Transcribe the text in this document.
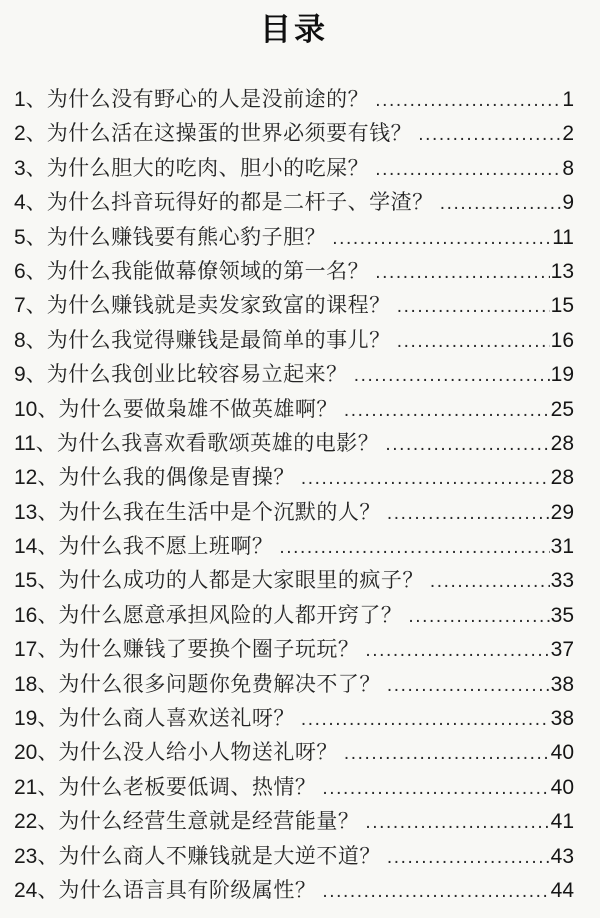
目录
1、 为什么没有野心的人是没前途的？ .....	1
2、 为什么活在这操蛋的世界必须要有钱？ .....	2
3、 为什么胆大的吃肉、胆小的吃屎？ .....	8
4、 为什么抖音玩得好的都是二杆子、学渣？ .....	9
5、 为什么赚钱要有熊心豹子胆？ .....	11
6、 为什么我能做幕僚领域的第一名？ .....	13
7、 为什么赚钱就是卖发家致富的课程？ .....	15
8、 为什么我觉得赚钱是最简单的事儿？ .....	16
9、 为什么我创业比较容易立起来？ .....	19
10、 为什么要做枭雄不做英雄啊？ .....	25
11、 为什么我喜欢看歌颂英雄的电影？ .....	28
12、 为什么我的偶像是曺操？ .....	28
13、 为什么我在生活中是个沉默的人？ .....	29
14、 为什么我不愿上班啊？ .....	31
15、 为什么成功的人都是大家眼里的疯子？ .....	33
16、 为什么愿意承担风险的人都开窍了？ .....	35
17、 为什么赚钱了要换个圈子玩玩？ .....	37
18、 为什么很多问题你免费解决不了？ .....	38
19、 为什么商人喜欢送礼呀？ .....	38
20、 为什么没人给小人物送礼呀？ .....	40
21、 为什么老板要低调、热情？ .....	40
22、 为什么经营生意就是经营能量？ .....	41
23、 为什么商人不赚钱就是大逆不道？ .....	43
24、 为什么语言具有阶级属性？ .....	44
